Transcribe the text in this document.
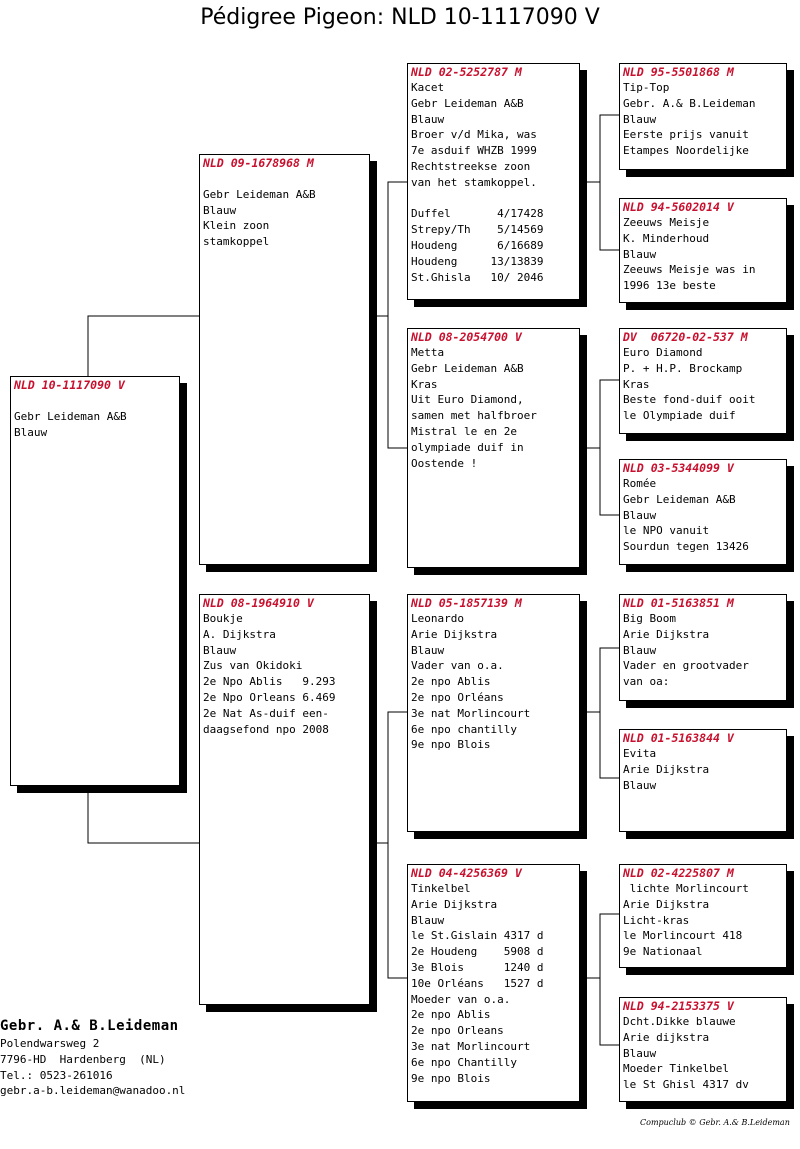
Pédigree Pigeon: NLD 10-1117090 V
NLD 10-1117090 V
Gebr Leideman A&B
Blauw
NLD 09-1678968 M
Gebr Leideman A&B
Blauw
Klein zoon
stamkoppel
NLD 08-1964910 V
Boukje
A. Dijkstra
Blauw
Zus van Okidoki
2e Npo Ablis   9.293
2e Npo Orleans 6.469
2e Nat As-duif een-
daagsefond npo 2008
NLD 02-5252787 M
Kacet
Gebr Leideman A&B
Blauw
Broer v/d Mika, was
7e asduif WHZB 1999
Rechtstreekse zoon
van het stamkoppel.
Duffel       4/17428
Strepy/Th    5/14569
Houdeng      6/16689
Houdeng     13/13839
St.Ghisla   10/ 2046
NLD 08-2054700 V
Metta
Gebr Leideman A&B
Kras
Uit Euro Diamond,
samen met halfbroer
Mistral le en 2e
olympiade duif in
Oostende !
NLD 05-1857139 M
Leonardo
Arie Dijkstra
Blauw
Vader van o.a.
2e npo Ablis
2e npo Orléans
3e nat Morlincourt
6e npo chantilly
9e npo Blois
NLD 04-4256369 V
Tinkelbel
Arie Dijkstra
Blauw
le St.Gislain 4317 d
2e Houdeng    5908 d
3e Blois      1240 d
10e Orléans   1527 d
Moeder van o.a.
2e npo Ablis
2e npo Orleans
3e nat Morlincourt
6e npo Chantilly
9e npo Blois
NLD 95-5501868 M
Tip-Top
Gebr. A.& B.Leideman
Blauw
Eerste prijs vanuit
Etampes Noordelijke
NLD 94-5602014 V
Zeeuws Meisje
K. Minderhoud
Blauw
Zeeuws Meisje was in
1996 13e beste
DV  06720-02-537 M
Euro Diamond
P. + H.P. Brockamp
Kras
Beste fond-duif ooit
le Olympiade duif
NLD 03-5344099 V
Romée
Gebr Leideman A&B
Blauw
le NPO vanuit
Sourdun tegen 13426
NLD 01-5163851 M
Big Boom
Arie Dijkstra
Blauw
Vader en grootvader
van oa:
NLD 01-5163844 V
Evita
Arie Dijkstra
Blauw
NLD 02-4225807 M
lichte Morlincourt
Arie Dijkstra
Licht-kras
le Morlincourt 418
9e Nationaal
NLD 94-2153375 V
Dcht.Dikke blauwe
Arie dijkstra
Blauw
Moeder Tinkelbel
le St Ghisl 4317 dv
Gebr. A.& B.Leideman
Polendwarsweg 2
7796-HD  Hardenberg  (NL)
Tel.: 0523-261016
gebr.a-b.leideman@wanadoo.nl
Compuclub © Gebr. A.& B.Leideman
